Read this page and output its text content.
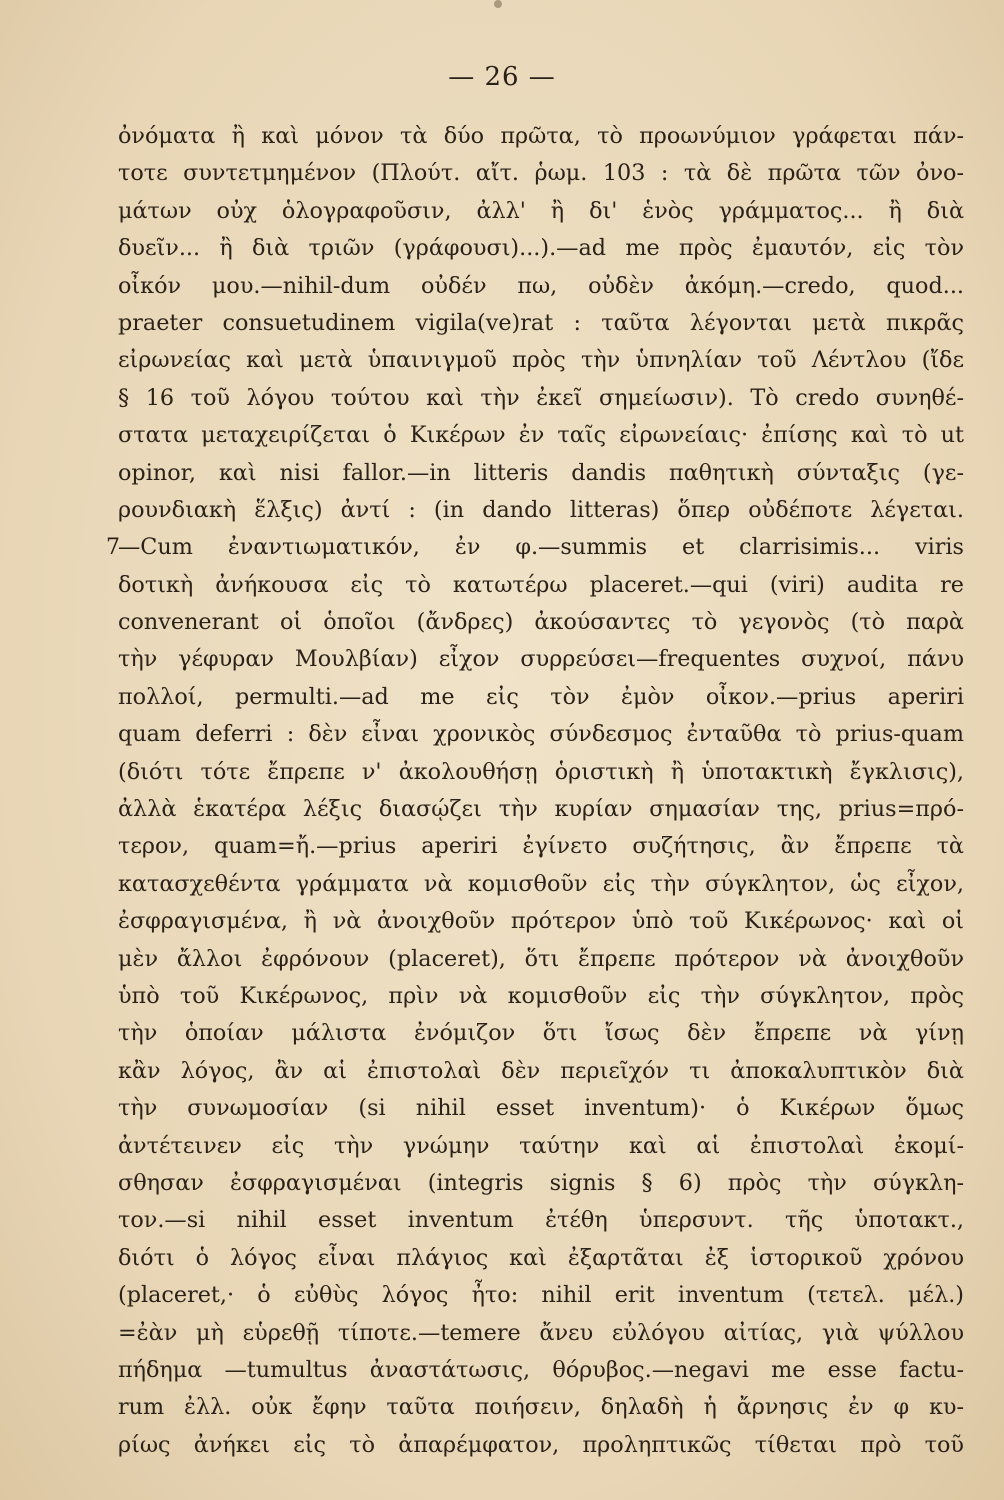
— 26 —
ὀνόματα ἢ καὶ μόνον τὰ δύο πρῶτα, τὸ προωνύμιον γράφεται πάν-
τοτε συντετμημένον (Πλούτ. αἴτ. ῥωμ. 103 : τὰ δὲ πρῶτα τῶν ὀνο-
μάτων οὐχ ὁλογραφοῦσιν, ἀλλ' ἢ δι' ἑνὸς γράμματος... ἢ διὰ
δυεῖν... ἢ διὰ τριῶν (γράφουσι)...).—ad me πρὸς ἐμαυτόν, εἰς τὸν
οἶκόν μου.—nihil-dum οὐδέν πω, οὐδὲν ἀκόμη.—credo, quod...
praeter consuetudinem vigila(ve)rat : ταῦτα λέγονται μετὰ πικρᾶς
εἰρωνείας καὶ μετὰ ὑπαινιγμοῦ πρὸς τὴν ὑπνηλίαν τοῦ Λέντλου (ἴδε
§ 16 τοῦ λόγου τούτου καὶ τὴν ἐκεῖ σημείωσιν). Τὸ credo συνηθέ-
στατα μεταχειρίζεται ὁ Κικέρων ἐν ταῖς εἰρωνείαις· ἐπίσης καὶ τὸ ut
opinor, καὶ nisi fallor.—in litteris dandis παθητικὴ σύνταξις (γε-
ρουνδιακὴ ἕλξις) ἀντί : (in dando litteras) ὅπερ οὐδέποτε λέγεται.
7
—Cum ἐναντιωματικόν, ἐν φ.—summis et clarrisimis... viris
δοτικὴ ἀνήκουσα εἰς τὸ κατωτέρω placeret.—qui (viri) audita re
convenerant οἱ ὁποῖοι (ἄνδρες) ἀκούσαντες τὸ γεγονὸς (τὸ παρὰ
τὴν γέφυραν Μουλβίαν) εἶχον συρρεύσει—frequentes συχνοί, πάνυ
πολλοί, permulti.—ad me εἰς τὸν ἐμὸν οἶκον.—prius aperiri
quam deferri : δὲν εἶναι χρονικὸς σύνδεσμος ἐνταῦθα τὸ prius-quam
(διότι τότε ἔπρεπε ν' ἀκολουθήσῃ ὁριστικὴ ἢ ὑποτακτικὴ ἔγκλισις),
ἀλλὰ ἑκατέρα λέξις διασῴζει τὴν κυρίαν σημασίαν της, prius=πρό-
τερον, quam=ἤ.—prius aperiri ἐγίνετο συζήτησις, ἂν ἔπρεπε τὰ
κατασχεθέντα γράμματα νὰ κομισθοῦν εἰς τὴν σύγκλητον, ὡς εἶχον,
ἐσφραγισμένα, ἢ νὰ ἀνοιχθοῦν πρότερον ὑπὸ τοῦ Κικέρωνος· καὶ οἱ
μὲν ἄλλοι ἐφρόνουν (placeret), ὅτι ἔπρεπε πρότερον νὰ ἀνοιχθοῦν
ὑπὸ τοῦ Κικέρωνος, πρὶν νὰ κομισθοῦν εἰς τὴν σύγκλητον, πρὸς
τὴν ὁποίαν μάλιστα ἐνόμιζον ὅτι ἴσως δὲν ἔπρεπε νὰ γίνῃ
κἂν λόγος, ἂν αἱ ἐπιστολαὶ δὲν περιεῖχόν τι ἀποκαλυπτικὸν διὰ
τὴν συνωμοσίαν (si nihil esset inventum)· ὁ Κικέρων ὅμως
ἀντέτεινεν εἰς τὴν γνώμην ταύτην καὶ αἱ ἐπιστολαὶ ἐκομί-
σθησαν ἐσφραγισμέναι (integris signis § 6) πρὸς τὴν σύγκλη-
τον.—si nihil esset inventum ἐτέθη ὑπερσυντ. τῆς ὑποτακτ.,
διότι ὁ λόγος εἶναι πλάγιος καὶ ἐξαρτᾶται ἐξ ἱστορικοῦ χρόνου
(placeret,· ὁ εὐθὺς λόγος ἦτο: nihil erit inventum (τετελ. μέλ.)
=ἐὰν μὴ εὑρεθῇ τίποτε.—temere ἄνευ εὐλόγου αἰτίας, γιὰ ψύλλου
πήδημα —tumultus ἀναστάτωσις, θόρυβος.—negavi me esse factu-
rum ἐλλ. οὐκ ἔφην ταῦτα ποιήσειν, δηλαδὴ ἡ ἄρνησις ἐν φ κυ-
ρίως ἀνήκει εἰς τὸ ἀπαρέμφατον, προληπτικῶς τίθεται πρὸ τοῦ
